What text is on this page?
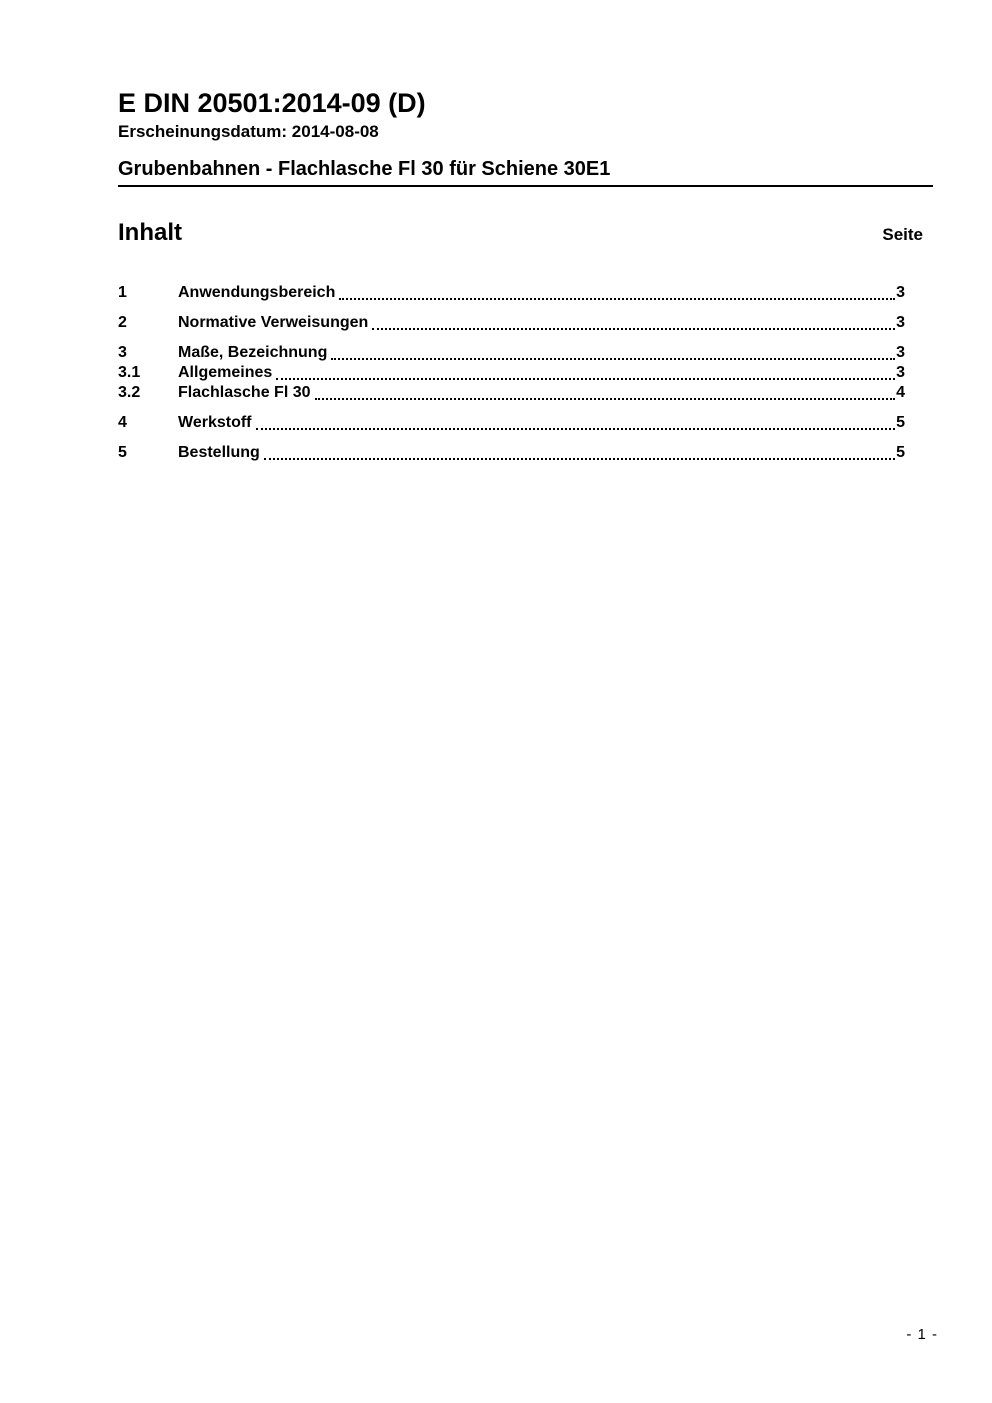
E DIN 20501:2014-09 (D)
Erscheinungsdatum: 2014-08-08
Grubenbahnen - Flachlasche Fl 30 für Schiene 30E1
Inhalt	Seite
1	Anwendungsbereich	3
2	Normative Verweisungen	3
3	Maße, Bezeichnung	3
3.1	Allgemeines	3
3.2	Flachlasche Fl 30	4
4	Werkstoff	5
5	Bestellung	5
- 1 -
